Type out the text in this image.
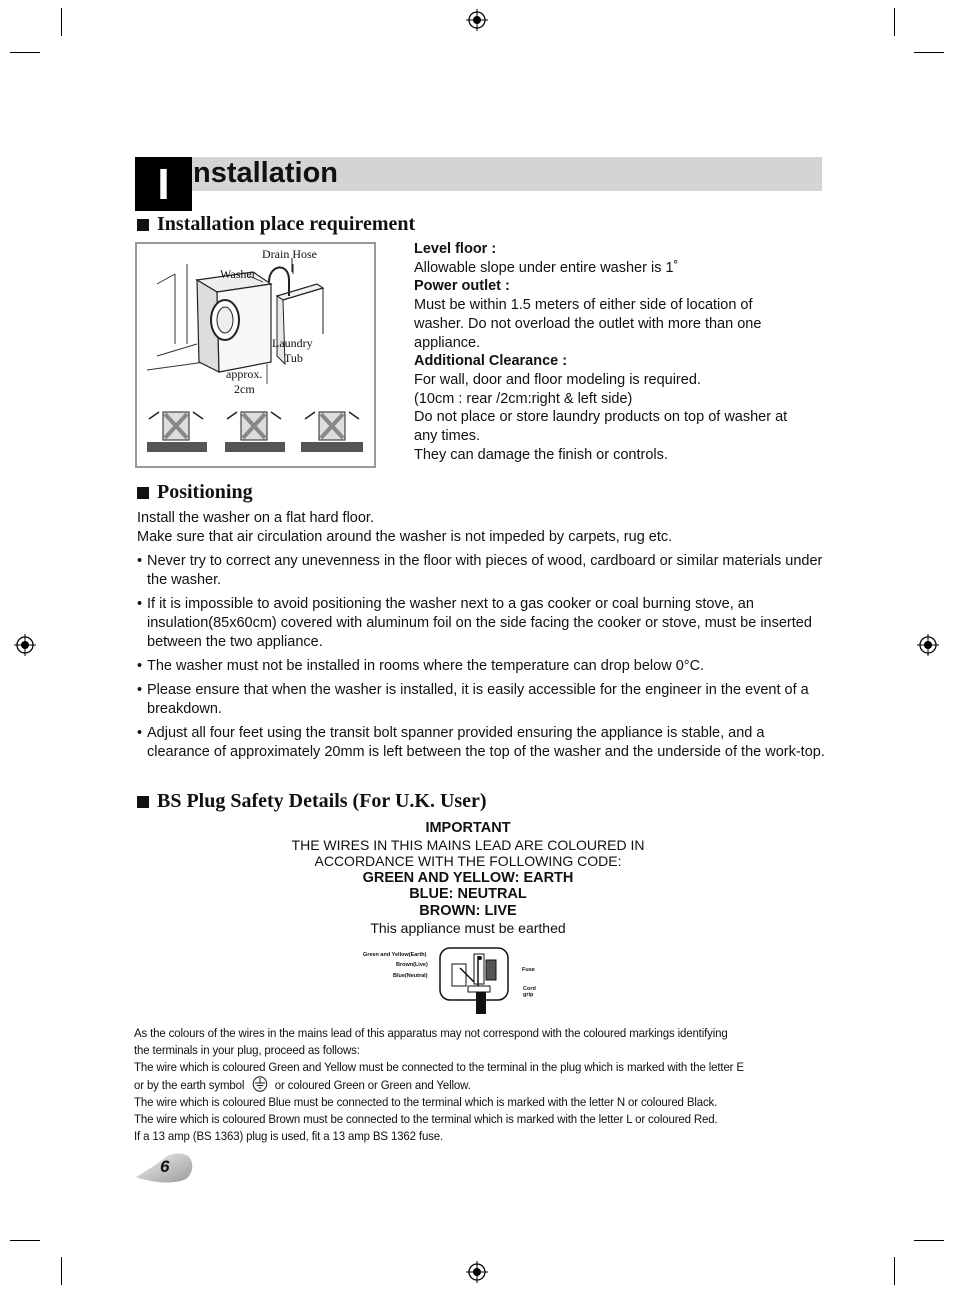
I nstallation
Installation place requirement
Drain Hose
Washer
Laundry
Tub
approx.
2cm
Level floor :
Allowable slope under entire washer is 1˚
Power outlet :
Must be within 1.5 meters of either side of location of
washer. Do not overload the outlet with more than one
appliance.
Additional Clearance :
For wall, door and floor modeling is required.
(10cm : rear /2cm:right & left side)
Do not place or store laundry products on top of washer at
any times.
They can damage the finish or controls.
Positioning
Install the washer on a flat hard floor.
Make sure that air circulation around the washer is not impeded by carpets, rug etc.
• Never try to correct any unevenness in the floor with pieces of wood, cardboard or similar materials under the washer.
• If it is impossible to avoid positioning the washer next to a gas cooker or coal burning stove, an insulation(85x60cm) covered with aluminum foil on the side facing the cooker or stove, must be inserted between the two appliance.
• The washer must not be installed in rooms where the temperature can drop below 0°C.
• Please ensure that when the washer is installed, it is easily accessible for the engineer in the event of a breakdown.
• Adjust all four feet using the transit bolt spanner provided ensuring the appliance is stable, and a clearance of approximately 20mm is left between the top of the washer and the underside of the work-top.
BS Plug Safety Details (For U.K. User)
IMPORTANT
THE WIRES IN THIS MAINS LEAD ARE COLOURED IN
ACCORDANCE WITH THE FOLLOWING CODE:
GREEN AND YELLOW: EARTH
BLUE: NEUTRAL
BROWN: LIVE
This appliance must be earthed
Green and Yellow(Earth)
Brown(Live)
Blue(Neutral)
Fuse
Cord
grip
As the colours of the wires in the mains lead of this apparatus may not correspond with the coloured markings identifying
the terminals in your plug, proceed as follows:
The wire which is coloured Green and Yellow must be connected to the terminal in the plug which is marked with the letter E
or by the earth symbol	or coloured Green or Green and Yellow.
The wire which is coloured Blue must be connected to the terminal which is marked with the letter N or coloured Black.
The wire which is coloured Brown must be connected to the terminal which is marked with the letter L or coloured Red.
If a 13 amp (BS 1363) plug is used, fit a 13 amp BS 1362 fuse.
6
